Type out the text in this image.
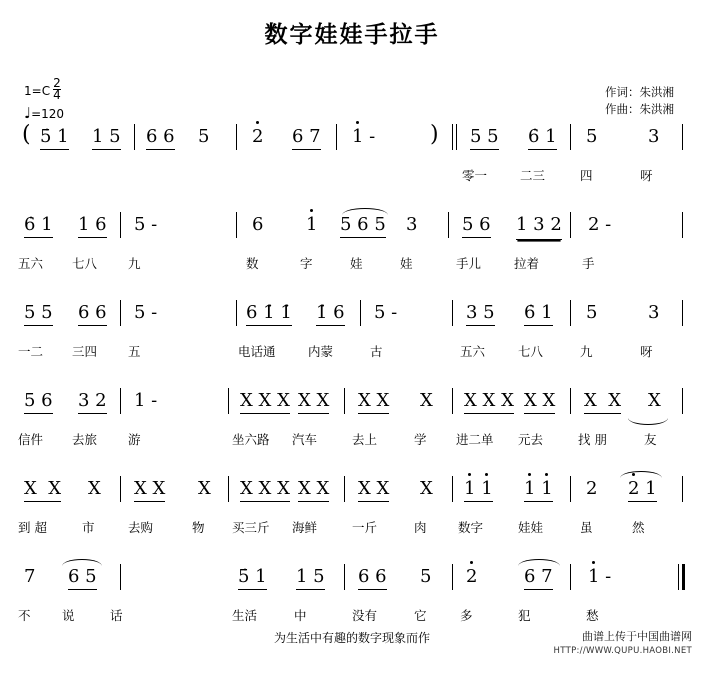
数字娃娃手拉手
$1=C \frac{2}{4}$
♩=120
作词：朱洪湘
作曲：朱洪湘
( 5̇ 1 1 5 6 6 5 2 6 7 1 - ) 5 5 6̇ 1 5	3
零一	二三	四	呀
6̇ 1 1 6 5 -	6 1 5 6 5 3 5 6 1 3 2 2 -
五六 七八 九	数	字	娃	娃	手儿	拉着	手
5 5 6 6 5 -	6 1̇ 1̇ 1̇ 6 5 -	3 5 6̇ 1 5	3
一二 三四 五	电话通	内蒙	古	五六	七八	九	呀
5 6 3 2 1 -	X X X X X X X X X X X X X X  X X
信件 去旅 游	坐六路 汽车	去上	学 进二单 元去	找 朋	友
X  X X X X X X X X X X X X X 1 1 1 1 2 2 1
到 超	市	去购	物 买三斤 海鲜	一斤	肉	数字	娃娃	虽	然
7 6 5	5̇ 1 1 5 6 6 5 2	6 7 1 -
不	说	话	生活	中	没有	它	多	犯	愁
为生活中有趣的数字现象而作	曲谱上传于中国曲谱网
HTTP://WWW.QUPU.HAOBI.NET
